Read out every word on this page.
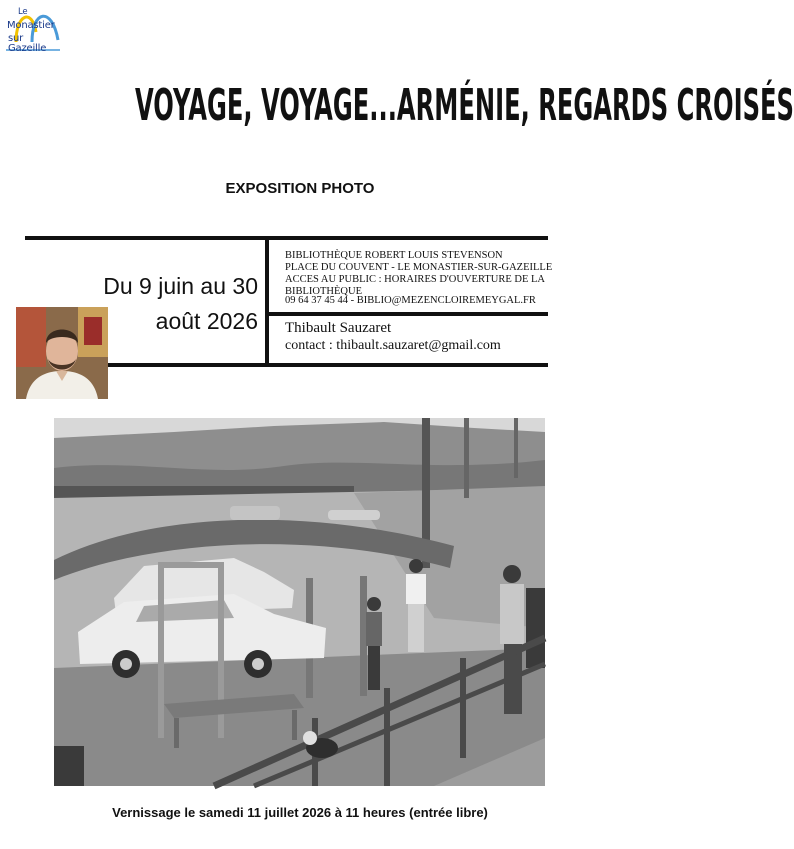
Le
Monastier
sur Gazeille
VOYAGE, VOYAGE...ARMÉNIE, REGARDS CROISÉS
EXPOSITION PHOTO
Du 9 juin au 30
août 2026
BIBLIOTHÈQUE ROBERT LOUIS STEVENSON
PLACE DU COUVENT - LE MONASTIER-SUR-GAZEILLE
ACCES AU PUBLIC : HORAIRES D'OUVERTURE DE LA
BIBLIOTHÈQUE
09 64 37 45 44 - BIBLIO@MEZENCLOIREMEYGAL.FR
Thibault Sauzaret
contact : thibault.sauzaret@gmail.com
Vernissage le samedi 11 juillet 2026 à 11 heures (entrée libre)
